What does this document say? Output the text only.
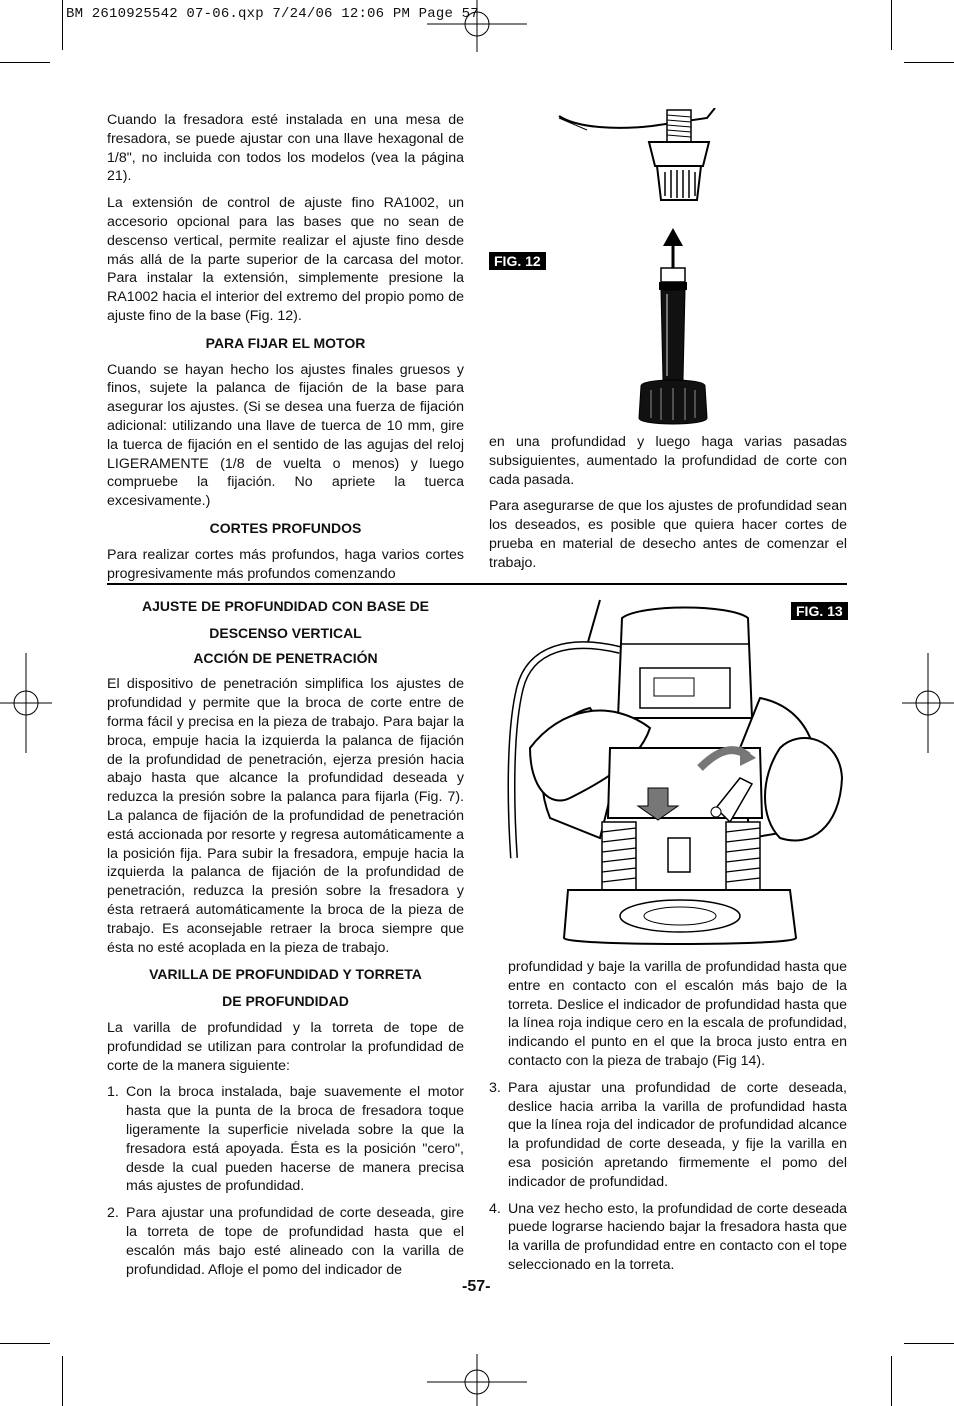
BM 2610925542 07-06.qxp 7/24/06 12:06 PM Page 57

Cuando la fresadora esté instalada en una mesa de fresadora, se puede ajustar con una llave hexagonal de 1/8", no incluida con todos los modelos (vea la página 21).

La extensión de control de ajuste fino RA1002, un accesorio opcional para las bases que no sean de descenso vertical, permite realizar el ajuste fino desde más allá de la parte superior de la carcasa del motor. Para instalar la extensión, simplemente presione la RA1002 hacia el interior del extremo del propio pomo de ajuste fino de la base (Fig. 12).

PARA FIJAR EL MOTOR

Cuando se hayan hecho los ajustes finales gruesos y finos, sujete la palanca de fijación de la base para asegurar los ajustes. (Si se desea una fuerza de fijación adicional: utilizando una llave de tuerca de 10 mm, gire la tuerca de fijación en el sentido de las agujas del reloj LIGERAMENTE (1/8 de vuelta o menos) y luego compruebe la fijación. No apriete la tuerca excesivamente.)

CORTES PROFUNDOS

Para realizar cortes más profundos, haga varios cortes progresivamente más profundos comenzando

FIG. 12

en una profundidad y luego haga varias pasadas subsiguientes, aumentado la profundidad de corte con cada pasada.

Para asegurarse de que los ajustes de profundidad sean los deseados, es posible que quiera hacer cortes de prueba en material de desecho antes de comenzar el trabajo.

AJUSTE DE PROFUNDIDAD CON BASE DE

DESCENSO VERTICAL

ACCIÓN DE PENETRACIÓN

El dispositivo de penetración simplifica los ajustes de profundidad y permite que la broca de corte entre de forma fácil y precisa en la pieza de trabajo. Para bajar la broca, empuje hacia la izquierda la palanca de fijación de la profundidad de penetración, ejerza presión hacia abajo hasta que alcance la profundidad deseada y reduzca la presión sobre la palanca para fijarla (Fig. 7). La palanca de fijación de la profundidad de penetración está accionada por resorte y regresa automáticamente a la posición fija. Para subir la fresadora, empuje hacia la izquierda la palanca de fijación de la profundidad de penetración, reduzca la presión sobre la fresadora y ésta retraerá automáticamente la broca de la pieza de trabajo. Es aconsejable retraer la broca siempre que ésta no esté acoplada en la pieza de trabajo.

VARILLA DE PROFUNDIDAD Y TORRETA

DE PROFUNDIDAD

La varilla de profundidad y la torreta de tope de profundidad se utilizan para controlar la profundidad de corte de la manera siguiente:

1. Con la broca instalada, baje suavemente el motor hasta que la punta de la broca de fresadora toque ligeramente la superficie nivelada sobre la que la fresadora está apoyada. Ésta es la posición "cero", desde la cual pueden hacerse de manera precisa más ajustes de profundidad.
2. Para ajustar una profundidad de corte deseada, gire la torreta de tope de profundidad hasta que el escalón más bajo esté alineado con la varilla de profundidad. Afloje el pomo del indicador de
FIG. 13

profundidad y baje la varilla de profundidad hasta que entre en contacto con el escalón más bajo de la torreta. Deslice el indicador de profundidad hasta que la línea roja indique cero en la escala de profundidad, indicando el punto en el que la broca justo entra en contacto con la pieza de trabajo (Fig 14).

3. Para ajustar una profundidad de corte deseada, deslice hacia arriba la varilla de profundidad hasta que la línea roja del indicador de profundidad alcance la profundidad de corte deseada, y fije la varilla en esa posición apretando firmemente el pomo del indicador de profundidad.
4. Una vez hecho esto, la profundidad de corte deseada puede lograrse haciendo bajar la fresadora hasta que la varilla de profundidad entre en contacto con el tope seleccionado en la torreta.
-57-
